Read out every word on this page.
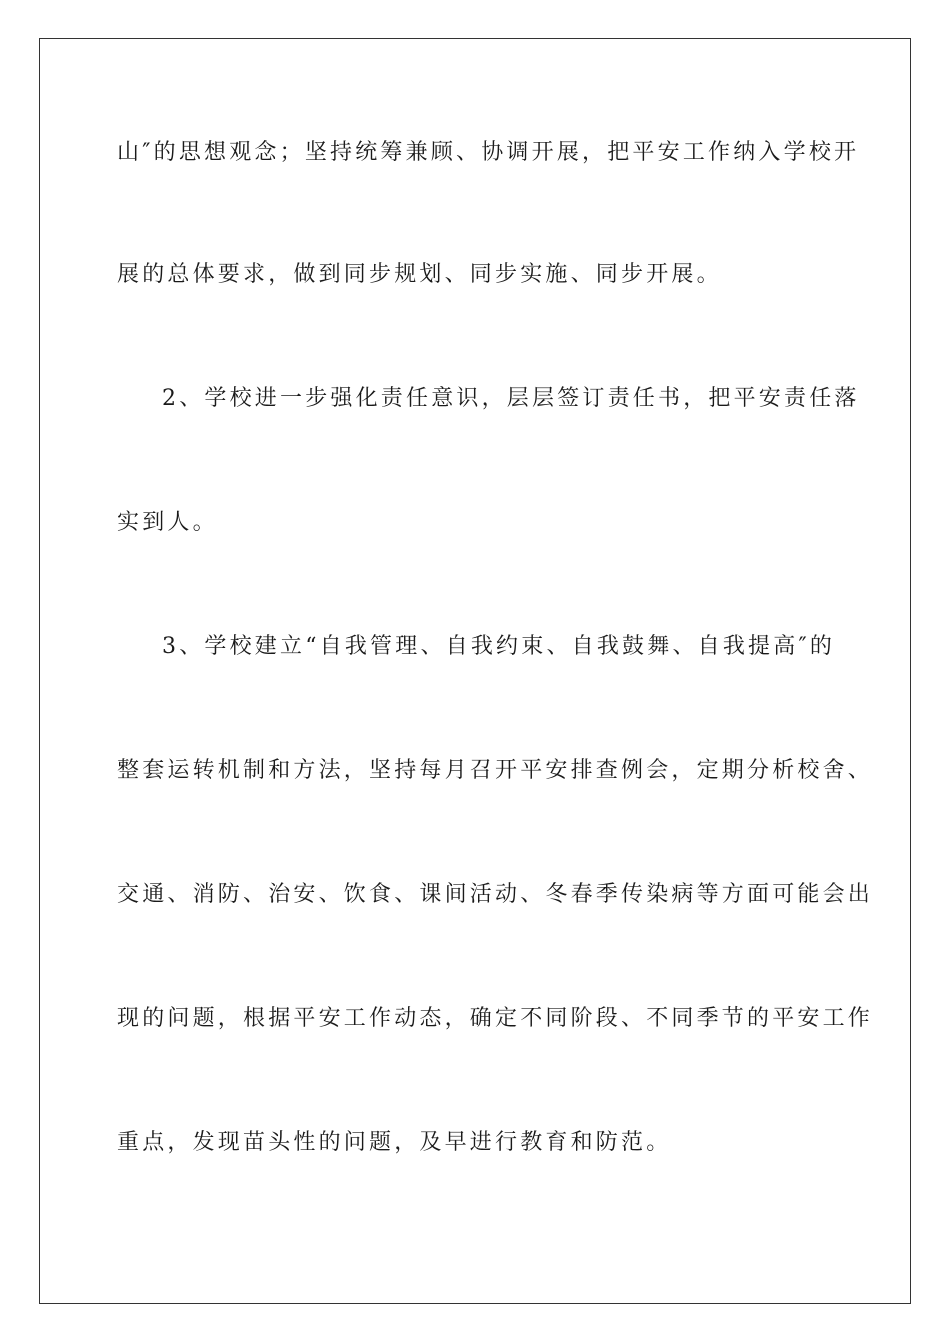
山″的思想观念；坚持统筹兼顾、协调开展，把平安工作纳入学校开
展的总体要求，做到同步规划、同步实施、同步开展。
2、学校进一步强化责任意识，层层签订责任书，把平安责任落
实到人。
3、学校建立“自我管理、自我约束、自我鼓舞、自我提高″的
整套运转机制和方法，坚持每月召开平安排查例会，定期分析校舍、
交通、消防、治安、饮食、课间活动、冬春季传染病等方面可能会出
现的问题，根据平安工作动态，确定不同阶段、不同季节的平安工作
重点，发现苗头性的问题，及早进行教育和防范。
